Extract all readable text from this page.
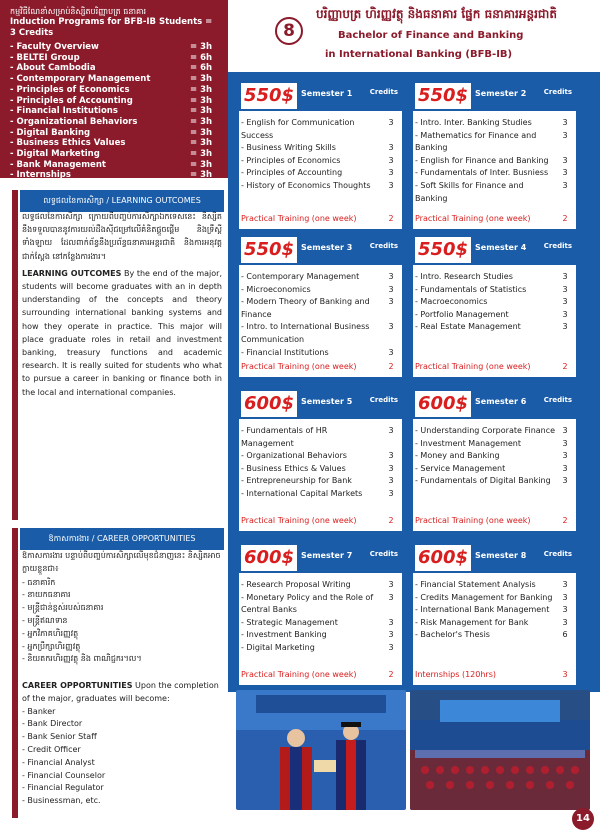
កម្មវិធីណែនាំសម្រាប់និស្សិតបរិញ្ញាបត្រ ធនាគារ
Induction Programs for BFB-IB Students = 3 Credits
- Faculty Overview	= 3h
- BELTEI Group	= 6h
- About Cambodia	= 6h
- Contemporary Management	= 3h
- Principles of Economics	= 3h
- Principles of Accounting	= 3h
- Financial Institutions	= 3h
- Organizational Behaviors	= 3h
- Digital Banking	= 3h
- Business Ethics Values	= 3h
- Digital Marketing	= 3h
- Bank Management	= 3h
- Internships	= 3h
លទ្ធផលនៃការសិក្សា / LEARNING OUTCOMES
លទ្ធផលនៃការសិក្សា ក្រោយពីបញ្ចប់ការសិក្សាឯកទេសនេះ និស្សិតនឹងទទួលបាននូវការយល់ដឹងស៊ីជម្រៅលើគំនិតផ្តួចផ្តើម និងទ្រឹស្តីទាំងឡាយ ដែលពាក់ព័ន្ធនឹងប្រព័ន្ធធនាគារអន្តរជាតិ និងការអនុវត្តជាក់ស្តែង នៅកន្លែងការងារ។
LEARNING OUTCOMES By the end of the major, students will become graduates with an in depth understanding of the concepts and theory surrounding international banking systems and how they operate in practice. This major will place graduate roles in retail and investment banking, treasury functions and academic research. It is really suited for students who what to pursue a career in banking or finance both in the local and international companies.
ឱកាសការងារ / CAREER OPPORTUNITIES
ឱកាសការងារ បន្ទាប់ពីបញ្ចប់ការសិក្សាលើមុខជំនាញនេះ និស្សិតអាចក្លាយខ្លួនជា៖
- ធនាគារិក
- នាយកធនាគារ
- មន្ត្រីជាន់ខ្ពស់របស់ធនាគារ
- មន្ត្រីឥណទាន
- អ្នកវិភាគហិរញ្ញវត្ថុ
- អ្នកប្រឹក្សាហិរញ្ញវត្ថុ
- និយតករហិរញ្ញវត្ថុ និង ពាណិជ្ជករ។ល។
CAREER OPPORTUNITIES Upon the completion of the major, graduates will become:
- Banker
- Bank Director
- Bank Senior Staff
- Credit Officer
- Financial Analyst
- Financial Counselor
- Financial Regulator
- Businessman, etc.
8
បរិញ្ញាបត្រ ហិរញ្ញវត្ថុ និងធនាគារ ផ្នែក ធនាគារអន្តរជាតិ
Bachelor of Finance and Banking
in International Banking (BFB-IB)
550$ Semester 1 Credits
- English for Communication Success
3
- Business Writing Skills	3
- Principles of Economics	3
- Principles of Accounting	3
- History of Economics Thoughts	3
Practical Training (one week)	2
550$ Semester 2 Credits
- Intro. Inter. Banking Studies	3
- Mathematics for Finance and Banking
3
- English for Finance and Banking	3
- Fundamentals of Inter. Busniess	3
- Soft Skills for Finance and Banking
3
Practical Training (one week)	2
550$ Semester 3 Credits
- Contemporary Management	3
- Microeconomics	3
- Modern Theory of Banking and Finance
3
- Intro. to International Business Communication
3
- Financial Institutions	3
Practical Training (one week)	2
550$ Semester 4 Credits
- Intro. Research Studies	3
- Fundamentals of Statistics	3
- Macroeconomics	3
- Portfolio Management	3
- Real Estate Management	3
Practical Training (one week)	2
600$ Semester 5 Credits
- Fundamentals of HR Management
3
- Organizational Behaviors	3
- Business Ethics & Values	3
- Entrepreneurship for Bank	3
- International Capital Markets	3
Practical Training (one week)	2
600$ Semester 6 Credits
- Understanding Corporate Finance 3
- Investment Management	3
- Money and Banking	3
- Service Management	3
- Fundamentals of Digital Banking	3
Practical Training (one week)	2
600$ Semester 7 Credits
- Research Proposal Writing	3
- Monetary Policy and the Role of Central Banks
3
- Strategic Management	3
- Investment Banking	3
- Digital Marketing	3
Practical Training (one week)	2
600$ Semester 8 Credits
- Financial Statement Analysis	3
- Credits Management for Banking	3
- International Bank Management	3
- Risk Management for Bank	3
- Bachelor's Thesis	6
Internships (120hrs)	3
14
